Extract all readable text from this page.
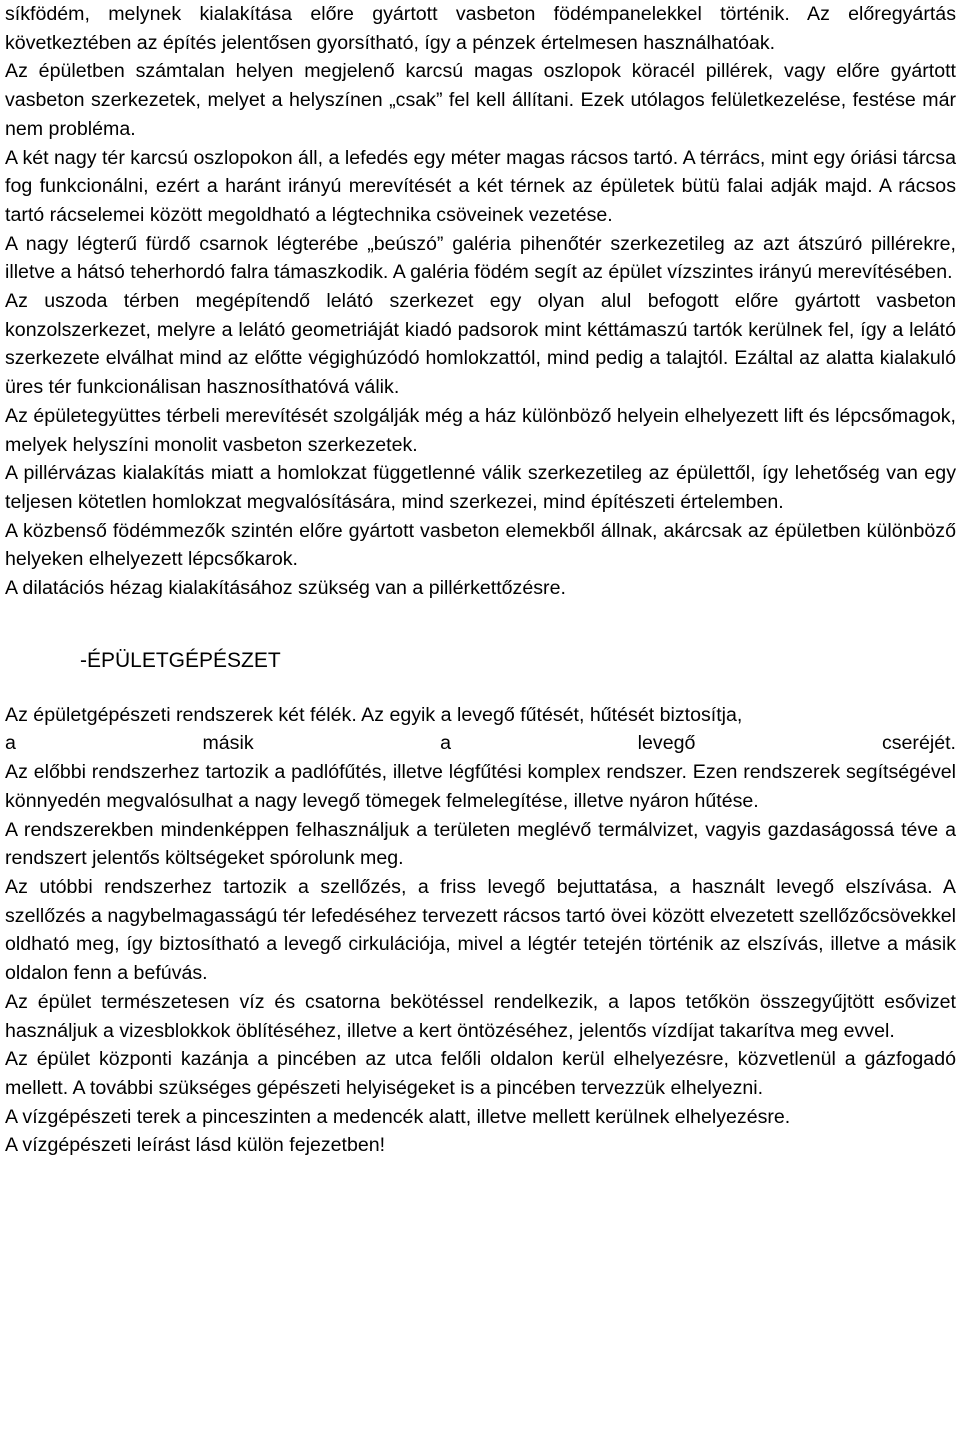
síkfödém, melynek kialakítása előre gyártott vasbeton födémpanelekkel történik. Az előregyártás következtében az építés jelentősen gyorsítható, így a pénzek értelmesen használhatóak.

Az épületben számtalan helyen megjelenő karcsú magas oszlopok köracél pillérek, vagy előre gyártott vasbeton szerkezetek, melyet a helyszínen „csak” fel kell állítani. Ezek utólagos felületkezelése, festése már nem probléma.

A két nagy tér karcsú oszlopokon áll, a lefedés egy méter magas rácsos tartó. A térrács, mint egy óriási tárcsa fog funkcionálni, ezért a haránt irányú merevítését a két térnek az épületek bütü falai adják majd. A rácsos tartó rácselemei között megoldható a légtechnika csöveinek vezetése.

A nagy légterű fürdő csarnok légterébe „beúszó” galéria pihenőtér szerkezetileg az azt átszúró pillérekre, illetve a hátsó teherhordó falra támaszkodik. A galéria födém segít az épület vízszintes irányú merevítésében.

Az uszoda térben megépítendő lelátó szerkezet egy olyan alul befogott előre gyártott vasbeton konzolszerkezet, melyre a lelátó geometriáját kiadó padsorok mint kéttámaszú tartók kerülnek fel, így a lelátó szerkezete elválhat mind az előtte végighúzódó homlokzattól, mind pedig a talajtól. Ezáltal az alatta kialakuló üres tér funkcionálisan hasznosíthatóvá válik.

Az épületegyüttes térbeli merevítését szolgálják még a ház különböző helyein elhelyezett lift és lépcsőmagok, melyek helyszíni monolit vasbeton szerkezetek.

A pillérvázas kialakítás miatt a homlokzat függetlenné válik szerkezetileg az épülettől, így lehetőség van egy teljesen kötetlen homlokzat megvalósítására, mind szerkezei, mind építészeti értelemben.

A közbenső födémmezők szintén előre gyártott vasbeton elemekből állnak, akárcsak az épületben különböző helyeken elhelyezett lépcsőkarok.

A dilatációs hézag kialakításához szükség van a pillérkettőzésre.

-ÉPÜLETGÉPÉSZET

Az épületgépészeti rendszerek két félék. Az egyik a levegő fűtését, hűtését biztosítja,

a másik a levegő cseréjét.

Az előbbi rendszerhez tartozik a padlófűtés, illetve légfűtési komplex rendszer. Ezen rendszerek segítségével könnyedén megvalósulhat a nagy levegő tömegek felmelegítése, illetve nyáron hűtése.

A rendszerekben mindenképpen felhasználjuk a területen meglévő termálvizet, vagyis gazdaságossá téve a rendszert jelentős költségeket spórolunk meg.

Az utóbbi rendszerhez tartozik a szellőzés, a friss levegő bejuttatása, a használt levegő elszívása. A szellőzés a nagybelmagasságú tér lefedéséhez tervezett rácsos tartó övei között elvezetett szellőzőcsövekkel oldható meg, így biztosítható a levegő cirkulációja, mivel a légtér tetején történik az elszívás, illetve a másik oldalon fenn a befúvás.

Az épület természetesen víz és csatorna bekötéssel rendelkezik, a lapos tetőkön összegyűjtött esővizet használjuk a vizesblokkok öblítéséhez, illetve a kert öntözéséhez, jelentős vízdíjat takarítva meg evvel.

Az épület központi kazánja a pincében az utca felőli oldalon kerül elhelyezésre, közvetlenül a gázfogadó mellett. A további szükséges gépészeti helyiségeket is a pincében tervezzük elhelyezni.

A vízgépészeti terek a pinceszinten a medencék alatt, illetve mellett kerülnek elhelyezésre.

A vízgépészeti leírást lásd külön fejezetben!
